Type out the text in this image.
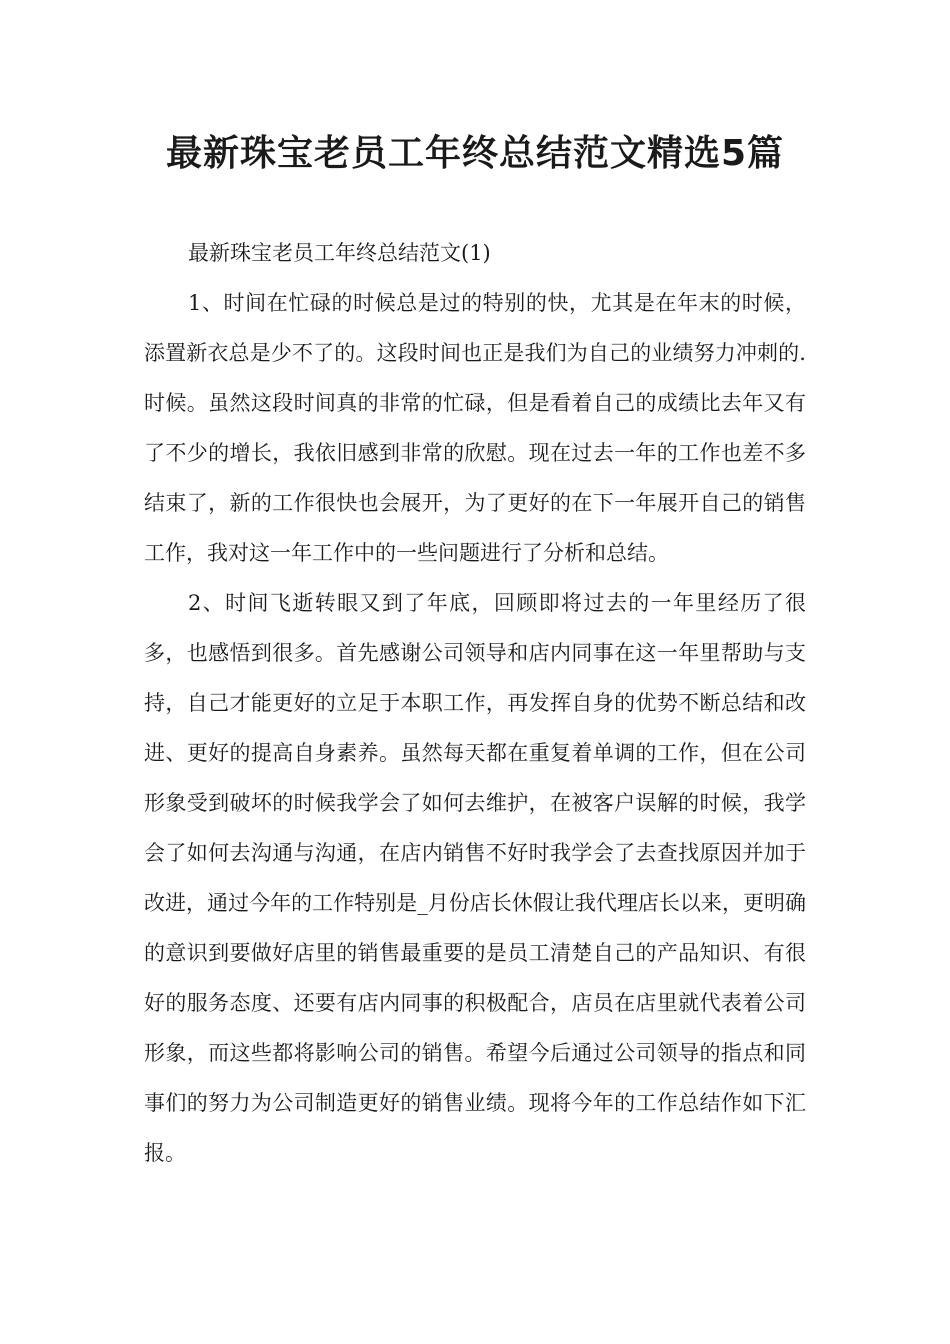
最新珠宝老员工年终总结范文精选5篇

最新珠宝老员工年终总结范文(1)

1、时间在忙碌的时候总是过的特别的快，尤其是在年末的时候，添置新衣总是少不了的。这段时间也正是我们为自己的业绩努力冲刺的.时候。虽然这段时间真的非常的忙碌，但是看着自己的成绩比去年又有了不少的增长，我依旧感到非常的欣慰。现在过去一年的工作也差不多结束了，新的工作很快也会展开，为了更好的在下一年展开自己的销售工作，我对这一年工作中的一些问题进行了分析和总结。

2、时间飞逝转眼又到了年底，回顾即将过去的一年里经历了很多，也感悟到很多。首先感谢公司领导和店内同事在这一年里帮助与支持，自己才能更好的立足于本职工作，再发挥自身的优势不断总结和改进、更好的提高自身素养。虽然每天都在重复着单调的工作，但在公司形象受到破坏的时候我学会了如何去维护，在被客户误解的时候，我学会了如何去沟通与沟通，在店内销售不好时我学会了去查找原因并加于改进，通过今年的工作特别是_月份店长休假让我代理店长以来，更明确的意识到要做好店里的销售最重要的是员工清楚自己的产品知识、有很好的服务态度、还要有店内同事的积极配合，店员在店里就代表着公司形象，而这些都将影响公司的销售。希望今后通过公司领导的指点和同事们的努力为公司制造更好的销售业绩。现将今年的工作总结作如下汇报。
